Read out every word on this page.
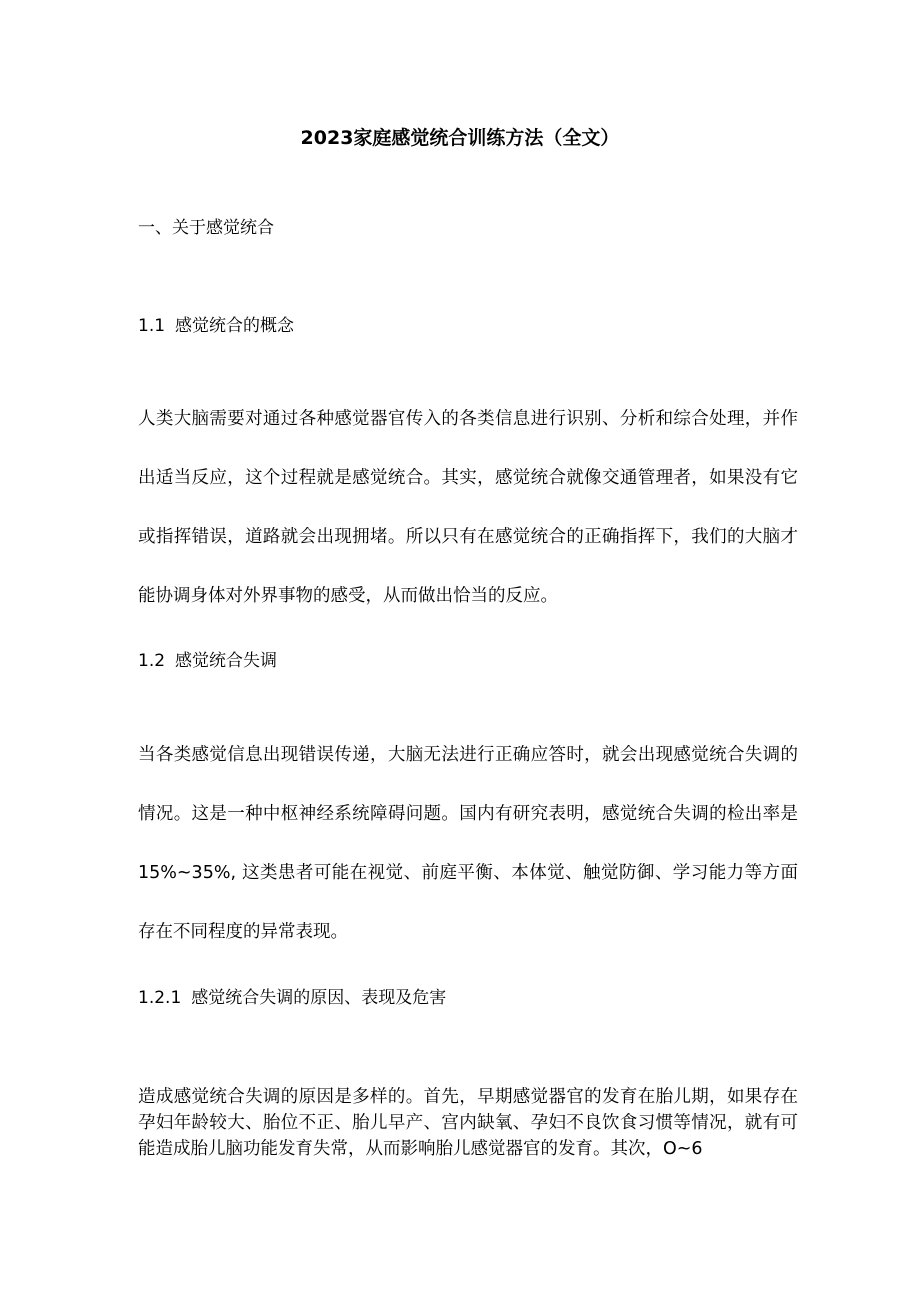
2023家庭感觉统合训练方法（全文）
一、关于感觉统合
1.1 感觉统合的概念
人类大脑需要对通过各种感觉器官传入的各类信息进行识别、分析和综合处理，并作出适当反应，这个过程就是感觉统合。其实，感觉统合就像交通管理者，如果没有它或指挥错误，道路就会出现拥堵。所以只有在感觉统合的正确指挥下，我们的大脑才能协调身体对外界事物的感受，从而做出恰当的反应。
1.2 感觉统合失调
当各类感觉信息出现错误传递，大脑无法进行正确应答时，就会出现感觉统合失调的情况。这是一种中枢神经系统障碍问题。国内有研究表明，感觉统合失调的检出率是 15%~35%, 这类患者可能在视觉、前庭平衡、本体觉、触觉防御、学习能力等方面存在不同程度的异常表现。
1.2.1 感觉统合失调的原因、表现及危害
造成感觉统合失调的原因是多样的。首先，早期感觉器官的发育在胎儿期，如果存在孕妇年龄较大、胎位不正、胎儿早产、宫内缺氧、孕妇不良饮食习惯等情况，就有可能造成胎儿脑功能发育失常，从而影响胎儿感觉器官的发育。其次，O~6
